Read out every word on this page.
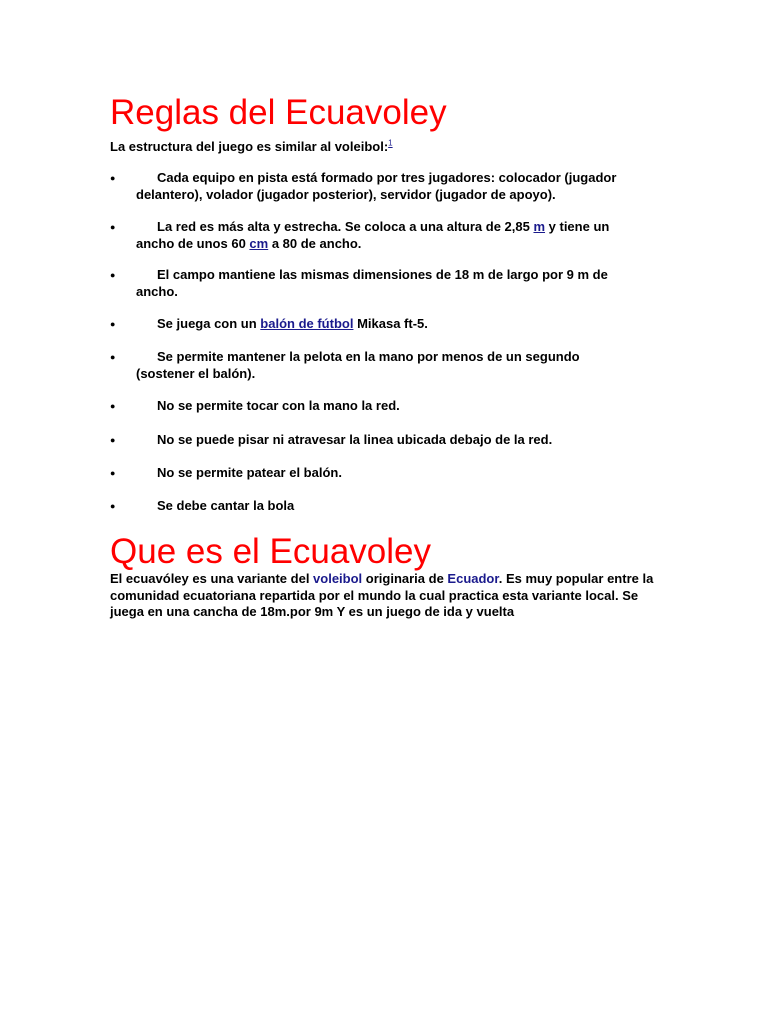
Reglas del Ecuavoley
La estructura del juego es similar al voleibol:$^1$
●	Cada equipo en pista está formado por tres jugadores: colocador (jugador delantero), volador (jugador posterior), servidor (jugador de apoyo).
●	La red es más alta y estrecha. Se coloca a una altura de 2,85 m y tiene un ancho de unos 60 cm a 80 de ancho.
●	El campo mantiene las mismas dimensiones de 18 m de largo por 9 m de ancho.
●	Se juega con un balón de fútbol Mikasa ft-5.
●	Se permite mantener la pelota en la mano por menos de un segundo (sostener el balón).
●	No se permite tocar con la mano la red.
●	No se puede pisar ni atravesar la linea ubicada debajo de la red.
●	No se permite patear el balón.
●	Se debe cantar la bola
Que es el Ecuavoley

El ecuavóley es una variante del voleibol originaria de Ecuador. Es muy popular entre la comunidad ecuatoriana repartida por el mundo la cual practica esta variante local. Se juega en una cancha de 18m.por 9m Y es un juego de ida y vuelta
